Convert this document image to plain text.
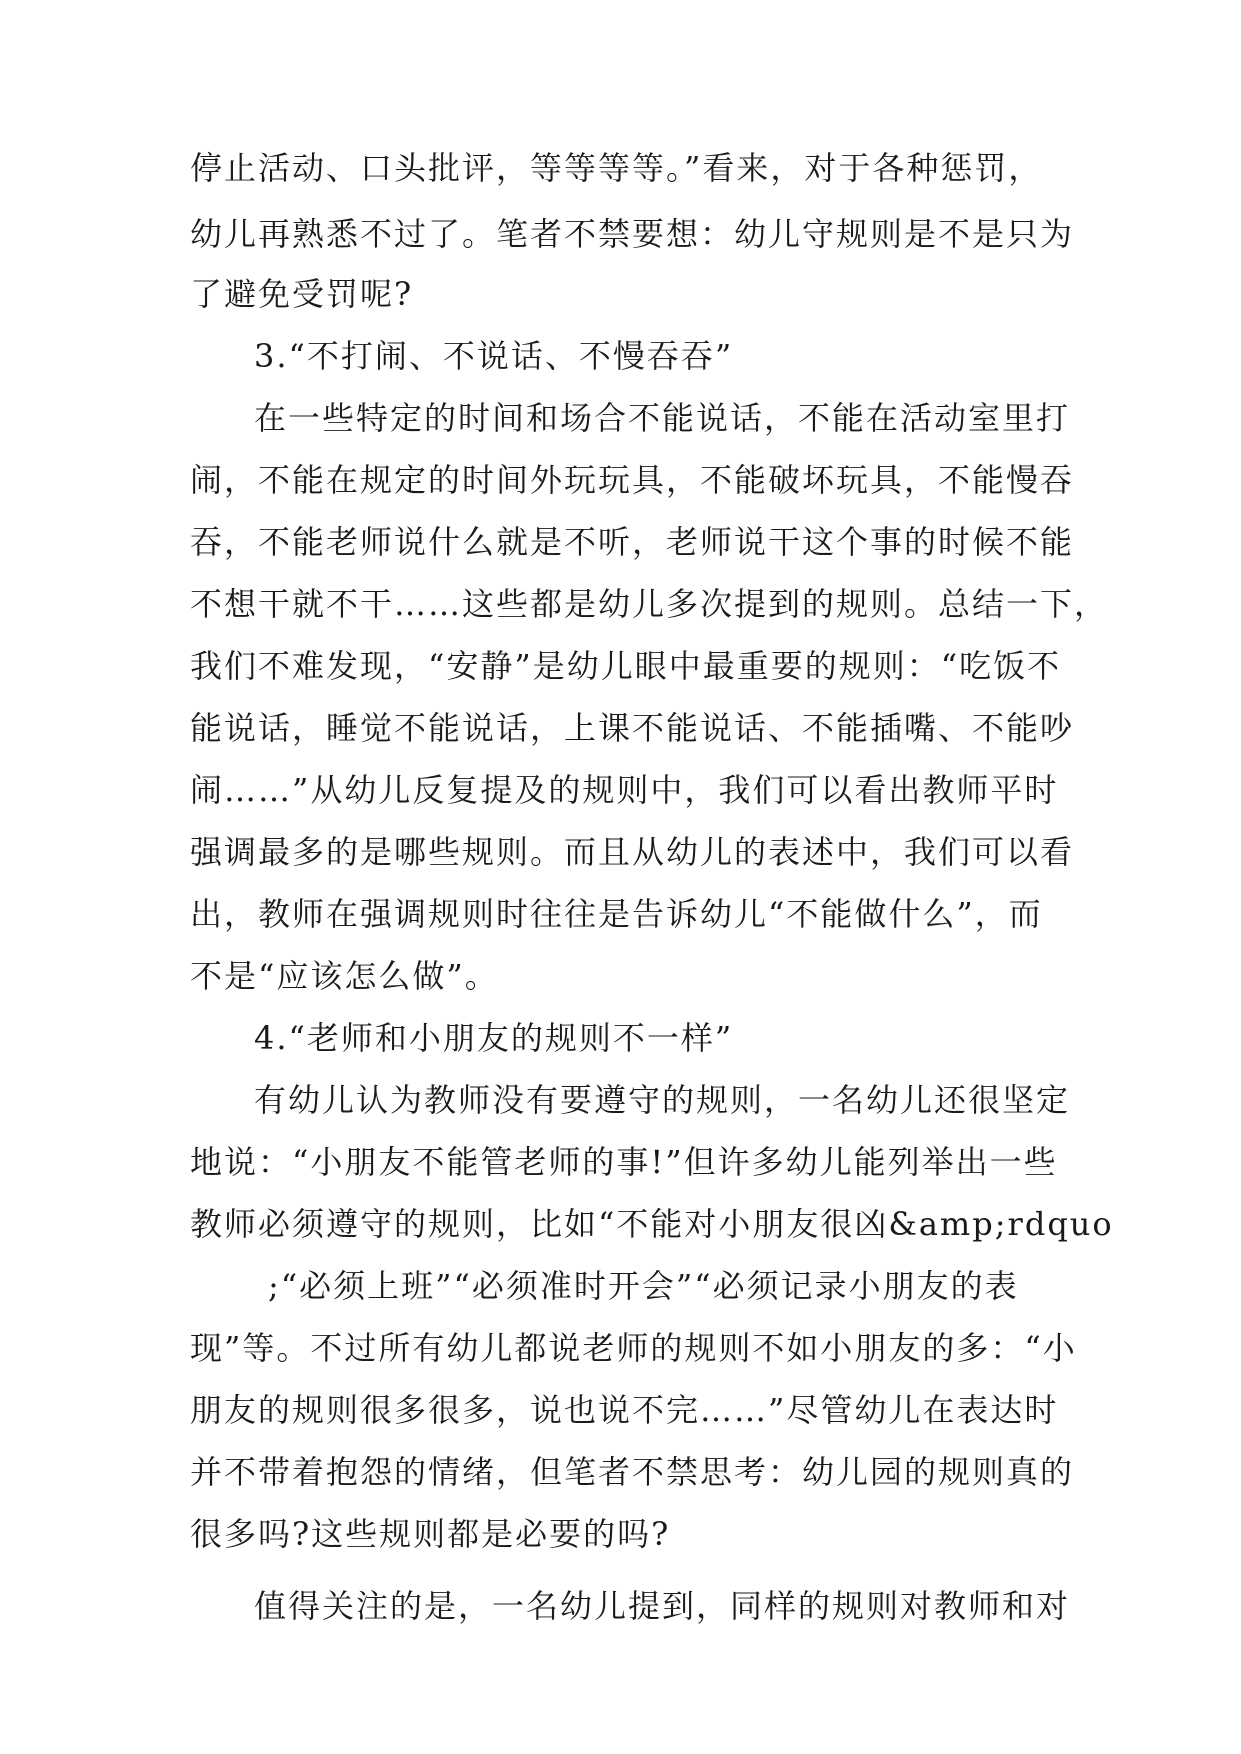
停止活动、口头批评，等等等等。”看来，对于各种惩罚，
幼儿再熟悉不过了。笔者不禁要想：幼儿守规则是不是只为
了避免受罚呢?
3.“不打闹、不说话、不慢吞吞”
在一些特定的时间和场合不能说话，不能在活动室里打
闹，不能在规定的时间外玩玩具，不能破坏玩具，不能慢吞
吞，不能老师说什么就是不听，老师说干这个事的时候不能
不想干就不干……这些都是幼儿多次提到的规则。总结一下，
我们不难发现，“安静”是幼儿眼中最重要的规则：“吃饭不
能说话，睡觉不能说话，上课不能说话、不能插嘴、不能吵
闹……”从幼儿反复提及的规则中，我们可以看出教师平时
强调最多的是哪些规则。而且从幼儿的表述中，我们可以看
出，教师在强调规则时往往是告诉幼儿“不能做什么”，而
不是“应该怎么做”。
4.“老师和小朋友的规则不一样”
有幼儿认为教师没有要遵守的规则，一名幼儿还很坚定
地说：“小朋友不能管老师的事!”但许多幼儿能列举出一些
教师必须遵守的规则，比如“不能对小朋友很凶&amp;rdquo
;“必须上班”“必须准时开会”“必须记录小朋友的表
现”等。不过所有幼儿都说老师的规则不如小朋友的多：“小
朋友的规则很多很多，说也说不完……”尽管幼儿在表达时
并不带着抱怨的情绪，但笔者不禁思考：幼儿园的规则真的
很多吗?这些规则都是必要的吗?
值得关注的是，一名幼儿提到，同样的规则对教师和对
